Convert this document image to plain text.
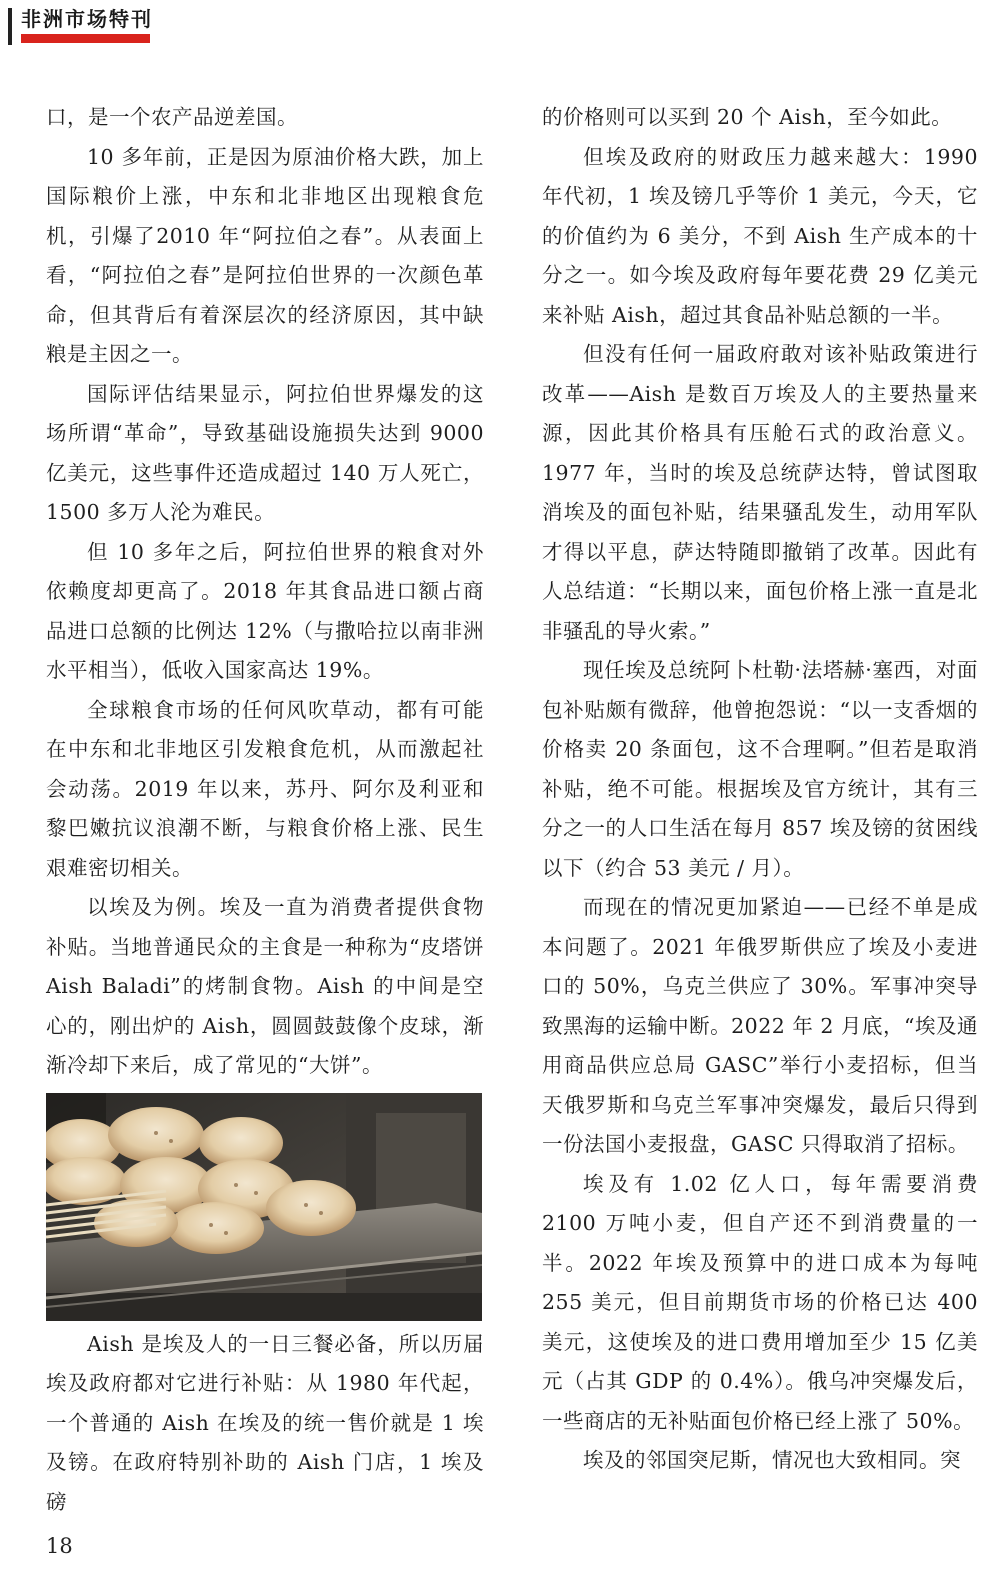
非洲市场特刊

口，是一个农产品逆差国。

10 多年前，正是因为原油价格大跌，加上国际粮价上涨，中东和北非地区出现粮食危机，引爆了2010 年“阿拉伯之春”。从表面上看，“阿拉伯之春”是阿拉伯世界的一次颜色革命，但其背后有着深层次的经济原因，其中缺粮是主因之一。

国际评估结果显示，阿拉伯世界爆发的这场所谓“革命”，导致基础设施损失达到 9000 亿美元，这些事件还造成超过 140 万人死亡，1500 多万人沦为难民。

但 10 多年之后，阿拉伯世界的粮食对外依赖度却更高了。2018 年其食品进口额占商品进口总额的比例达 12%（与撒哈拉以南非洲水平相当），低收入国家高达 19%。

全球粮食市场的任何风吹草动，都有可能在中东和北非地区引发粮食危机，从而激起社会动荡。2019 年以来，苏丹、阿尔及利亚和黎巴嫩抗议浪潮不断，与粮食价格上涨、民生艰难密切相关。

以埃及为例。埃及一直为消费者提供食物补贴。当地普通民众的主食是一种称为“皮塔饼 Aish Baladi”的烤制食物。Aish 的中间是空心的，刚出炉的 Aish，圆圆鼓鼓像个皮球，渐渐冷却下来后，成了常见的“大饼”。

Aish 是埃及人的一日三餐必备，所以历届埃及政府都对它进行补贴：从 1980 年代起，一个普通的 Aish 在埃及的统一售价就是 1 埃及镑。在政府特别补助的 Aish 门店，1 埃及磅

的价格则可以买到 20 个 Aish，至今如此。

但埃及政府的财政压力越来越大：1990 年代初，1 埃及镑几乎等价 1 美元，今天，它的价值约为 6 美分，不到 Aish 生产成本的十分之一。如今埃及政府每年要花费 29 亿美元来补贴 Aish，超过其食品补贴总额的一半。

但没有任何一届政府敢对该补贴政策进行改革——Aish 是数百万埃及人的主要热量来源，因此其价格具有压舱石式的政治意义。1977 年，当时的埃及总统萨达特，曾试图取消埃及的面包补贴，结果骚乱发生，动用军队才得以平息，萨达特随即撤销了改革。因此有人总结道：“长期以来，面包价格上涨一直是北非骚乱的导火索。”

现任埃及总统阿卜杜勒·法塔赫·塞西，对面包补贴颇有微辞，他曾抱怨说：“以一支香烟的价格卖 20 条面包，这不合理啊。”但若是取消补贴，绝不可能。根据埃及官方统计，其有三分之一的人口生活在每月 857 埃及镑的贫困线以下（约合 53 美元 / 月）。

而现在的情况更加紧迫——已经不单是成本问题了。2021 年俄罗斯供应了埃及小麦进口的 50%，乌克兰供应了 30%。军事冲突导致黑海的运输中断。2022 年 2 月底，“埃及通用商品供应总局 GASC”举行小麦招标，但当天俄罗斯和乌克兰军事冲突爆发，最后只得到一份法国小麦报盘，GASC 只得取消了招标。

埃及有 1.02 亿人口，每年需要消费 2100 万吨小麦，但自产还不到消费量的一半。2022 年埃及预算中的进口成本为每吨 255 美元，但目前期货市场的价格已达 400 美元，这使埃及的进口费用增加至少 15 亿美元（占其 GDP 的 0.4%）。俄乌冲突爆发后，一些商店的无补贴面包价格已经上涨了 50%。

埃及的邻国突尼斯，情况也大致相同。突

18
